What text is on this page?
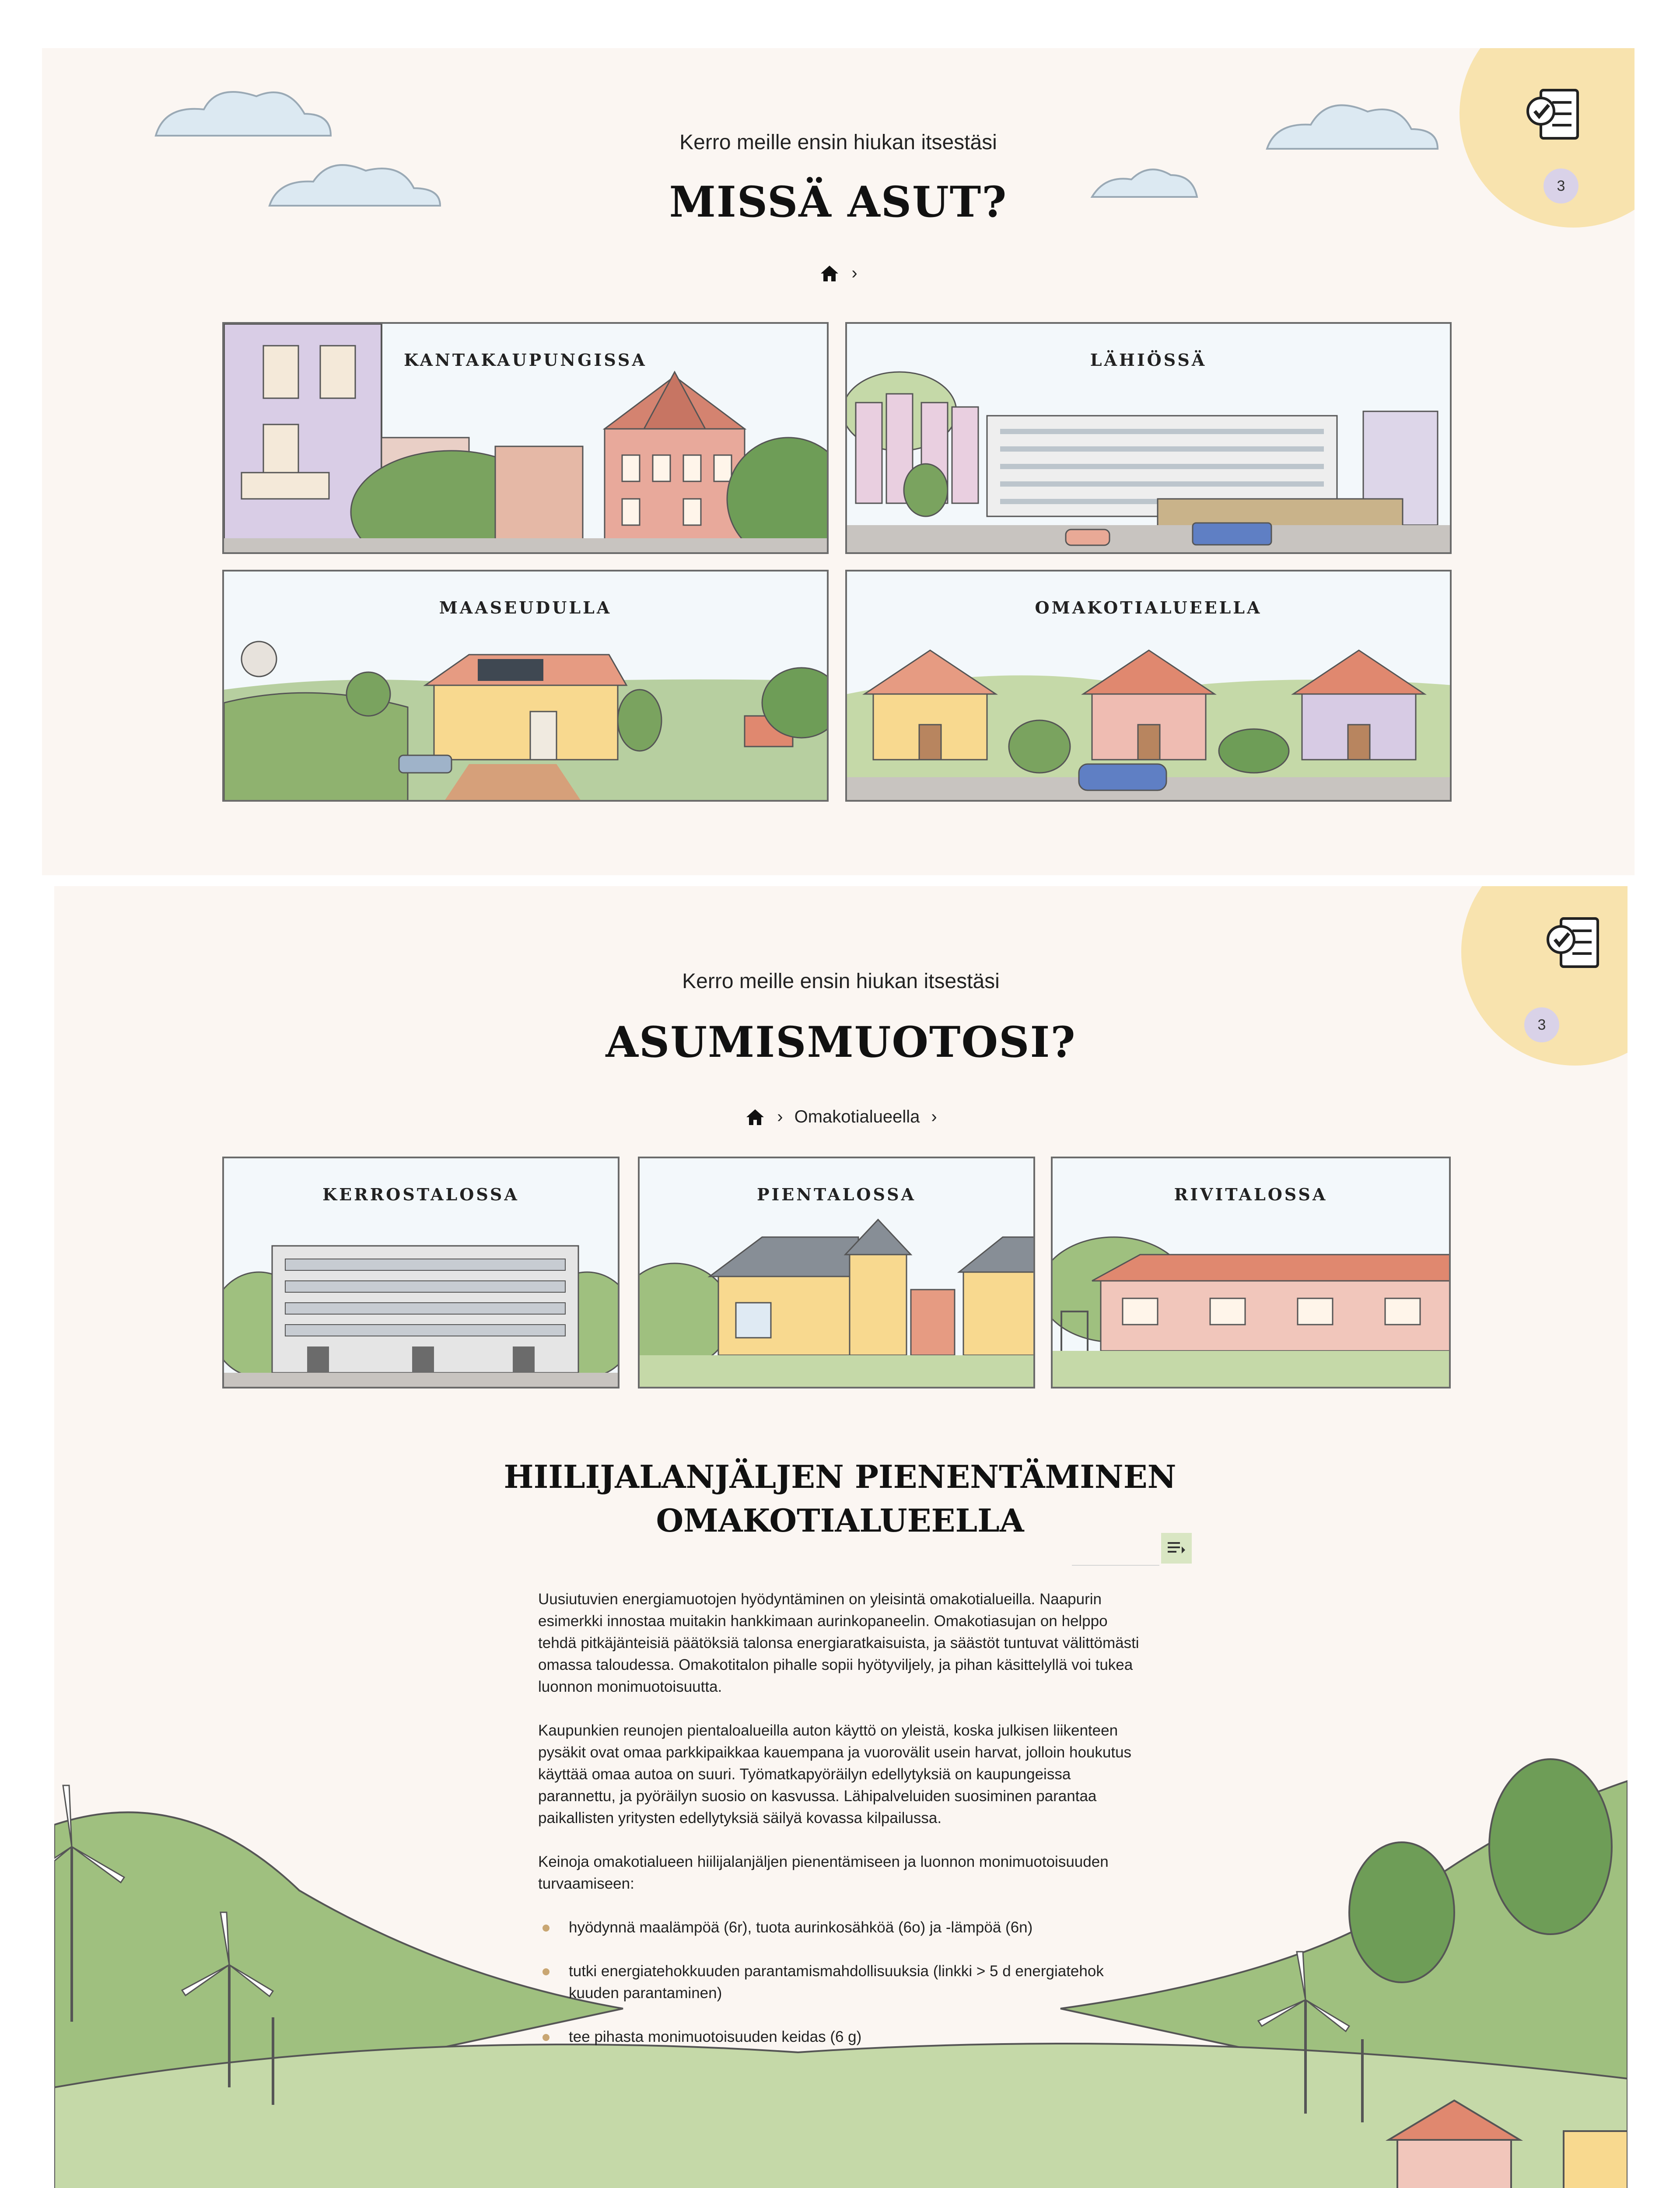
3
Kerro meille ensin hiukan itsestäsi
MISSÄ ASUT?
›
KANTAKAUPUNGISSA	LÄHIÖSSÄ
MAASEUDULLA	OMAKOTIALUEELLA
3
Kerro meille ensin hiukan itsestäsi
ASUMISMUOTOSI?
› Omakotialueella ›
KERROSTALOSSA	PIENTALOSSA	RIVITALOSSA
HIILIJALANJÄLJEN PIENENTÄMINEN
OMAKOTIALUEELLA

Uusiutuvien energiamuotojen hyödyntäminen on yleisintä omakotialueilla. Naapurin esimerkki innostaa muitakin hankkimaan aurinkopaneelin. Omakotiasujan on helppo tehdä pitkäjänteisiä päätöksiä talonsa energiaratkaisuista, ja säästöt tuntuvat välittömästi omassa taloudessa. Omakotitalon pihalle sopii hyötyviljely, ja pihan käsittelyllä voi tukea luonnon monimuotoisuutta.

Kaupunkien reunojen pientaloalueilla auton käyttö on yleistä, koska julkisen liikenteen pysäkit ovat omaa parkkipaikkaa kauempana ja vuorovälit usein harvat, jolloin houkutus käyttää omaa autoa on suuri. Työmatkapyöräilyn edellytyksiä on kaupungeissa parannettu, ja pyöräilyn suosio on kasvussa. Lähipalveluiden suosiminen parantaa paikallisten yritysten edellytyksiä säilyä kovassa kilpailussa.

Keinoja omakotialueen hiilijalanjäljen pienentämiseen ja luonnon monimuotoisuuden turvaamiseen:

hyödynnä maalämpöä (6r), tuota aurinkosähköä (6o) ja -lämpöä (6n)
tutki energiatehokkuuden parantamismahdollisuuksia (linkki > 5 d energiatehok kuuden parantaminen)
tee pihasta monimuotoisuuden keidas (6 g)
